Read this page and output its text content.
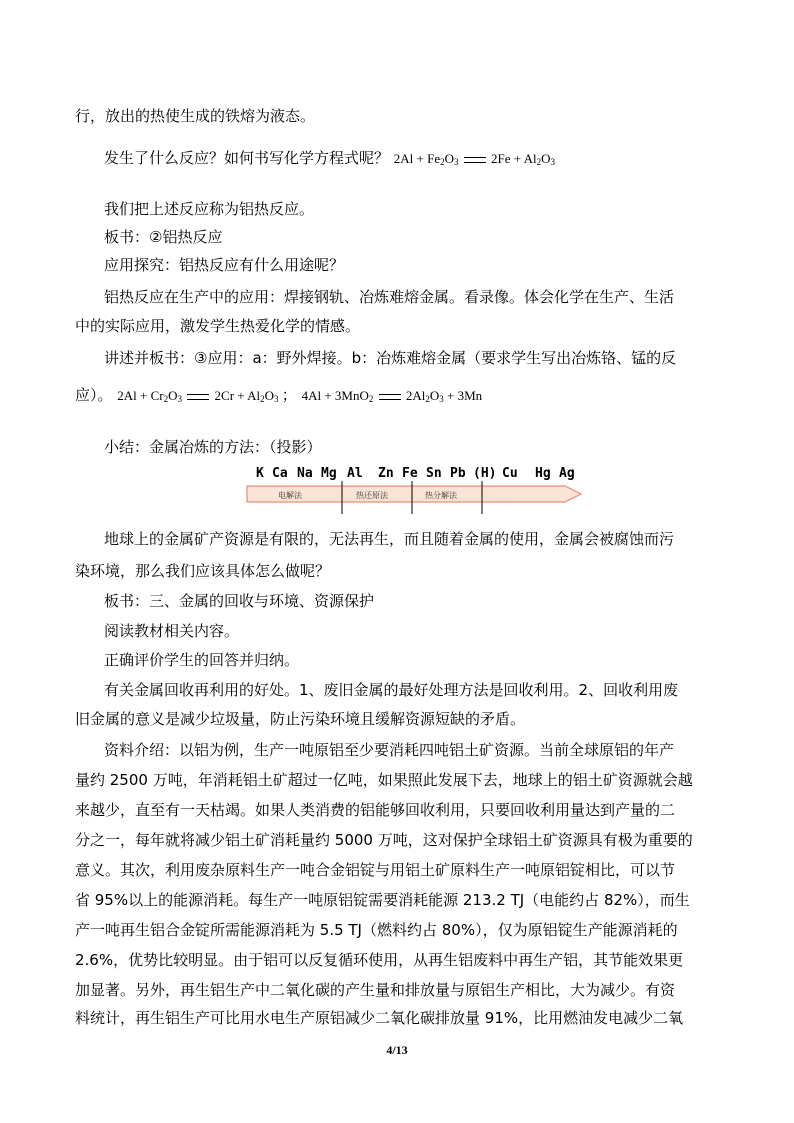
行，放出的热使生成的铁熔为液态。
发生了什么反应？如何书写化学方程式呢？ $2Al + Fe_2O_3$	$2Fe + Al_2O_3$
我们把上述反应称为铝热反应。
板书：②铝热反应
应用探究：铝热反应有什么用途呢？
铝热反应在生产中的应用：焊接钢轨、冶炼难熔金属。看录像。体会化学在生产、生活
中的实际应用，激发学生热爱化学的情感。
讲述并板书：③应用：a：野外焊接。b：冶炼难熔金属（要求学生写出冶炼铬、锰的反
应）。 $2Al + Cr_2O_3$	$2Cr + Al_2O_3$ ； 4Al + 3MnO$_2$	$2Al_2O_3 + 3Mn$
小结：金属冶炼的方法：（投影）
K Ca Na Mg Al Zn Fe Sn Pb (H) Cu Hg Ag
电解法	热还原法	热分解法
地球上的金属矿产资源是有限的，无法再生，而且随着金属的使用，金属会被腐蚀而污
染环境，那么我们应该具体怎么做呢？
板书：三、金属的回收与环境、资源保护
阅读教材相关内容。
正确评价学生的回答并归纳。
有关金属回收再利用的好处。1、废旧金属的最好处理方法是回收利用。2、回收利用废
旧金属的意义是减少垃圾量，防止污染环境且缓解资源短缺的矛盾。
资料介绍：以铝为例，生产一吨原铝至少要消耗四吨铝土矿资源。当前全球原铝的年产
量约 2500 万吨，年消耗铝土矿超过一亿吨，如果照此发展下去，地球上的铝土矿资源就会越
来越少，直至有一天枯竭。如果人类消费的铝能够回收利用，只要回收利用量达到产量的二
分之一，每年就将减少铝土矿消耗量约 5000 万吨，这对保护全球铝土矿资源具有极为重要的
意义。其次，利用废杂原料生产一吨合金铝锭与用铝土矿原料生产一吨原铝锭相比，可以节
省 95%以上的能源消耗。每生产一吨原铝锭需要消耗能源 213.2 TJ（电能约占 82%），而生
产一吨再生铝合金锭所需能源消耗为 5.5 TJ（燃料约占 80%），仅为原铝锭生产能源消耗的
2.6%，优势比较明显。由于铝可以反复循环使用，从再生铝废料中再生产铝，其节能效果更
加显著。另外，再生铝生产中二氧化碳的产生量和排放量与原铝生产相比，大为减少。有资
4/13
料统计，再生铝生产可比用水电生产原铝减少二氧化碳排放量 91%，比用燃油发电减少二氧
